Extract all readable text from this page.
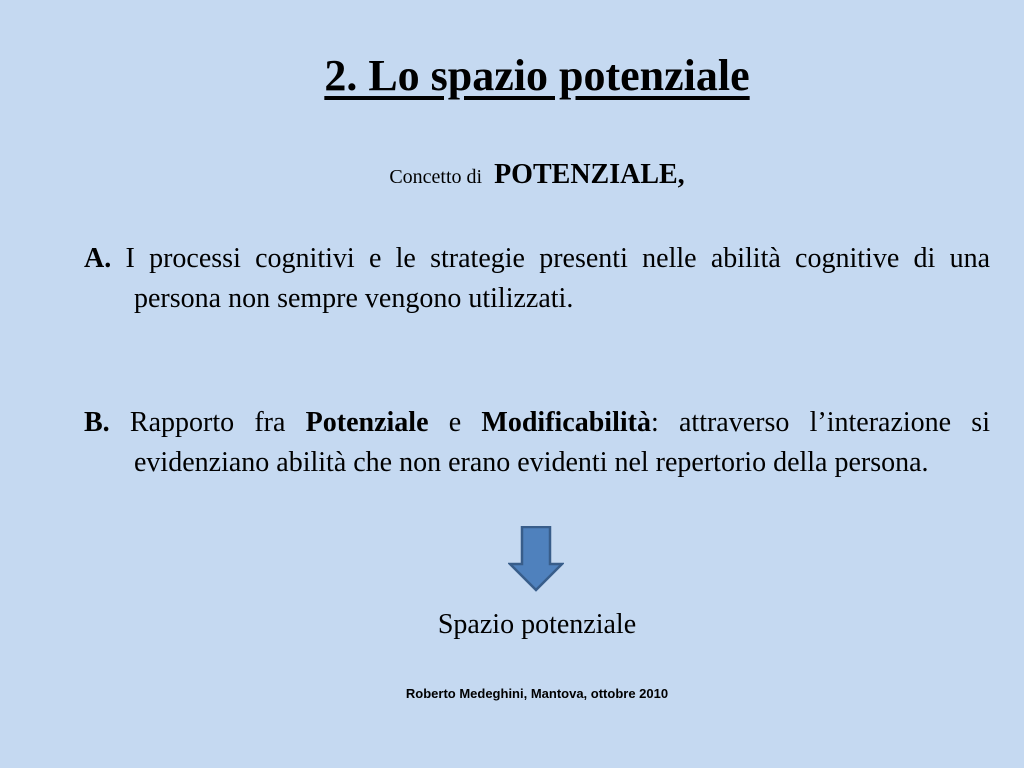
2. Lo spazio potenziale
Concetto di POTENZIALE,
A. I processi cognitivi e le strategie presenti nelle abilità cognitive di una persona non sempre vengono utilizzati.
B. Rapporto fra Potenziale e Modificabilità: attraverso l’interazione si evidenziano abilità che non erano evidenti nel repertorio della persona.
Spazio potenziale
Roberto Medeghini, Mantova, ottobre 2010
